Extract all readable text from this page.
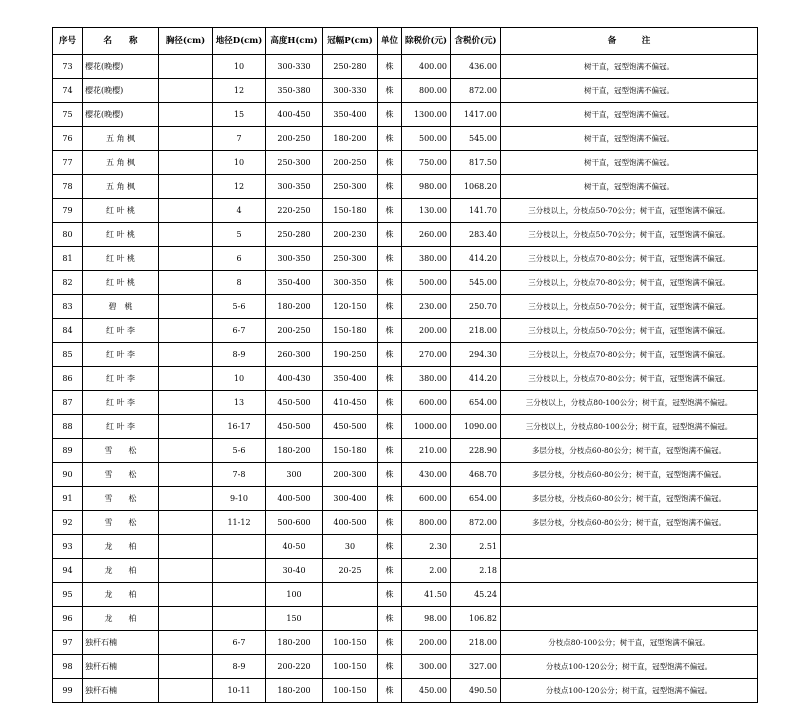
序号	名　　称	胸径(cm)	地径D(cm)	高度H(cm)	冠幅P(cm)	单位	除税价(元)	含税价(元)	备　　　注
73	樱花(晚樱)		10	300-330	250-280	株	400.00	436.00	树干直，冠型饱满不偏冠。
74	樱花(晚樱)		12	350-380	300-330	株	800.00	872.00	树干直，冠型饱满不偏冠。
75	樱花(晚樱)		15	400-450	350-400	株	1300.00	1417.00	树干直，冠型饱满不偏冠。
76	五 角 枫		7	200-250	180-200	株	500.00	545.00	树干直，冠型饱满不偏冠。
77	五 角 枫		10	250-300	200-250	株	750.00	817.50	树干直，冠型饱满不偏冠。
78	五 角 枫		12	300-350	250-300	株	980.00	1068.20	树干直，冠型饱满不偏冠。
79	红 叶 桃		4	220-250	150-180	株	130.00	141.70	三分枝以上，分枝点50-70公分；树干直，冠型饱满不偏冠。
80	红 叶 桃		5	250-280	200-230	株	260.00	283.40	三分枝以上，分枝点50-70公分；树干直，冠型饱满不偏冠。
81	红 叶 桃		6	300-350	250-300	株	380.00	414.20	三分枝以上，分枝点70-80公分；树干直，冠型饱满不偏冠。
82	红 叶 桃		8	350-400	300-350	株	500.00	545.00	三分枝以上，分枝点70-80公分；树干直，冠型饱满不偏冠。
83	碧　桃		5-6	180-200	120-150	株	230.00	250.70	三分枝以上，分枝点50-70公分；树干直，冠型饱满不偏冠。
84	红 叶 李		6-7	200-250	150-180	株	200.00	218.00	三分枝以上，分枝点50-70公分；树干直，冠型饱满不偏冠。
85	红 叶 李		8-9	260-300	190-250	株	270.00	294.30	三分枝以上，分枝点70-80公分；树干直，冠型饱满不偏冠。
86	红 叶 李		10	400-430	350-400	株	380.00	414.20	三分枝以上，分枝点70-80公分；树干直，冠型饱满不偏冠。
87	红 叶 李		13	450-500	410-450	株	600.00	654.00	三分枝以上，分枝点80-100公分；树干直，冠型饱满不偏冠。
88	红 叶 李		16-17	450-500	450-500	株	1000.00	1090.00	三分枝以上，分枝点80-100公分；树干直，冠型饱满不偏冠。
89	雪　　松		5-6	180-200	150-180	株	210.00	228.90	多层分枝，分枝点60-80公分；树干直，冠型饱满不偏冠。
90	雪　　松		7-8	300	200-300	株	430.00	468.70	多层分枝，分枝点60-80公分；树干直，冠型饱满不偏冠。
91	雪　　松		9-10	400-500	300-400	株	600.00	654.00	多层分枝，分枝点60-80公分；树干直，冠型饱满不偏冠。
92	雪　　松		11-12	500-600	400-500	株	800.00	872.00	多层分枝，分枝点60-80公分；树干直，冠型饱满不偏冠。
93	龙　　柏			40-50	30	株	2.30	2.51	
94	龙　　柏			30-40	20-25	株	2.00	2.18	
95	龙　　柏			100		株	41.50	45.24	
96	龙　　柏			150		株	98.00	106.82	
97	独杆石楠		6-7	180-200	100-150	株	200.00	218.00	分枝点80-100公分；树干直，冠型饱满不偏冠。
98	独杆石楠		8-9	200-220	100-150	株	300.00	327.00	分枝点100-120公分；树干直，冠型饱满不偏冠。
99	独杆石楠		10-11	180-200	100-150	株	450.00	490.50	分枝点100-120公分；树干直，冠型饱满不偏冠。
